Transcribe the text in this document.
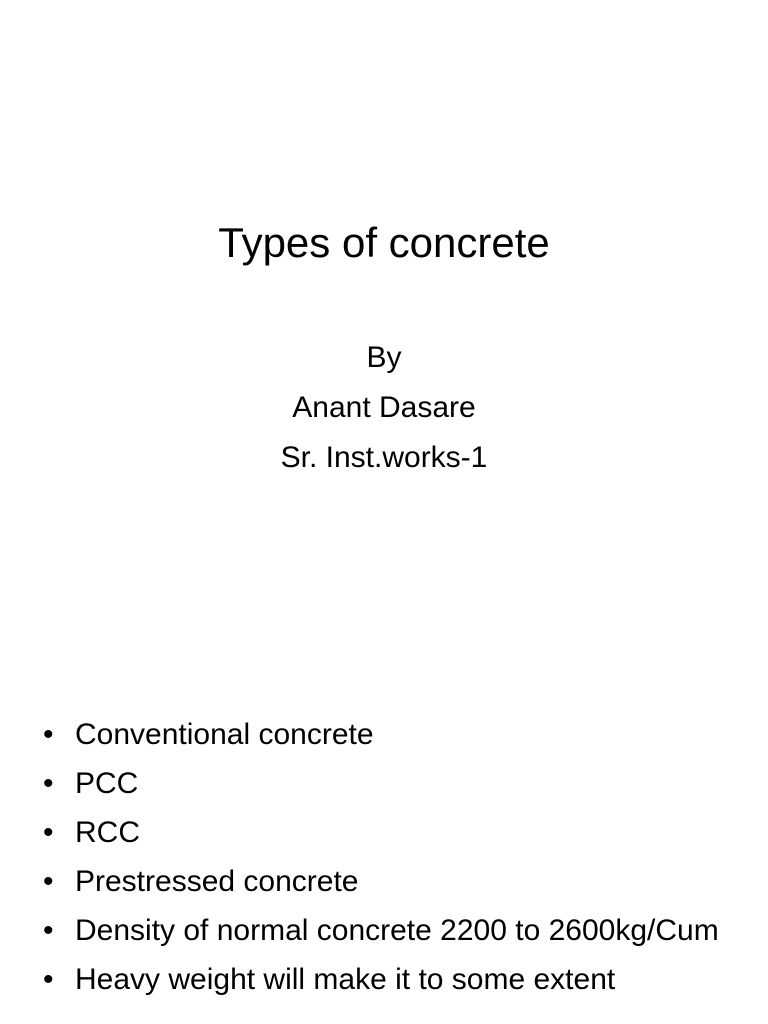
Types of concrete
By
Anant Dasare
Sr. Inst.works-1
• Conventional concrete
• PCC
• RCC
• Prestressed concrete
• Density of normal concrete 2200 to 2600kg/Cum
• Heavy weight will make it to some extent
